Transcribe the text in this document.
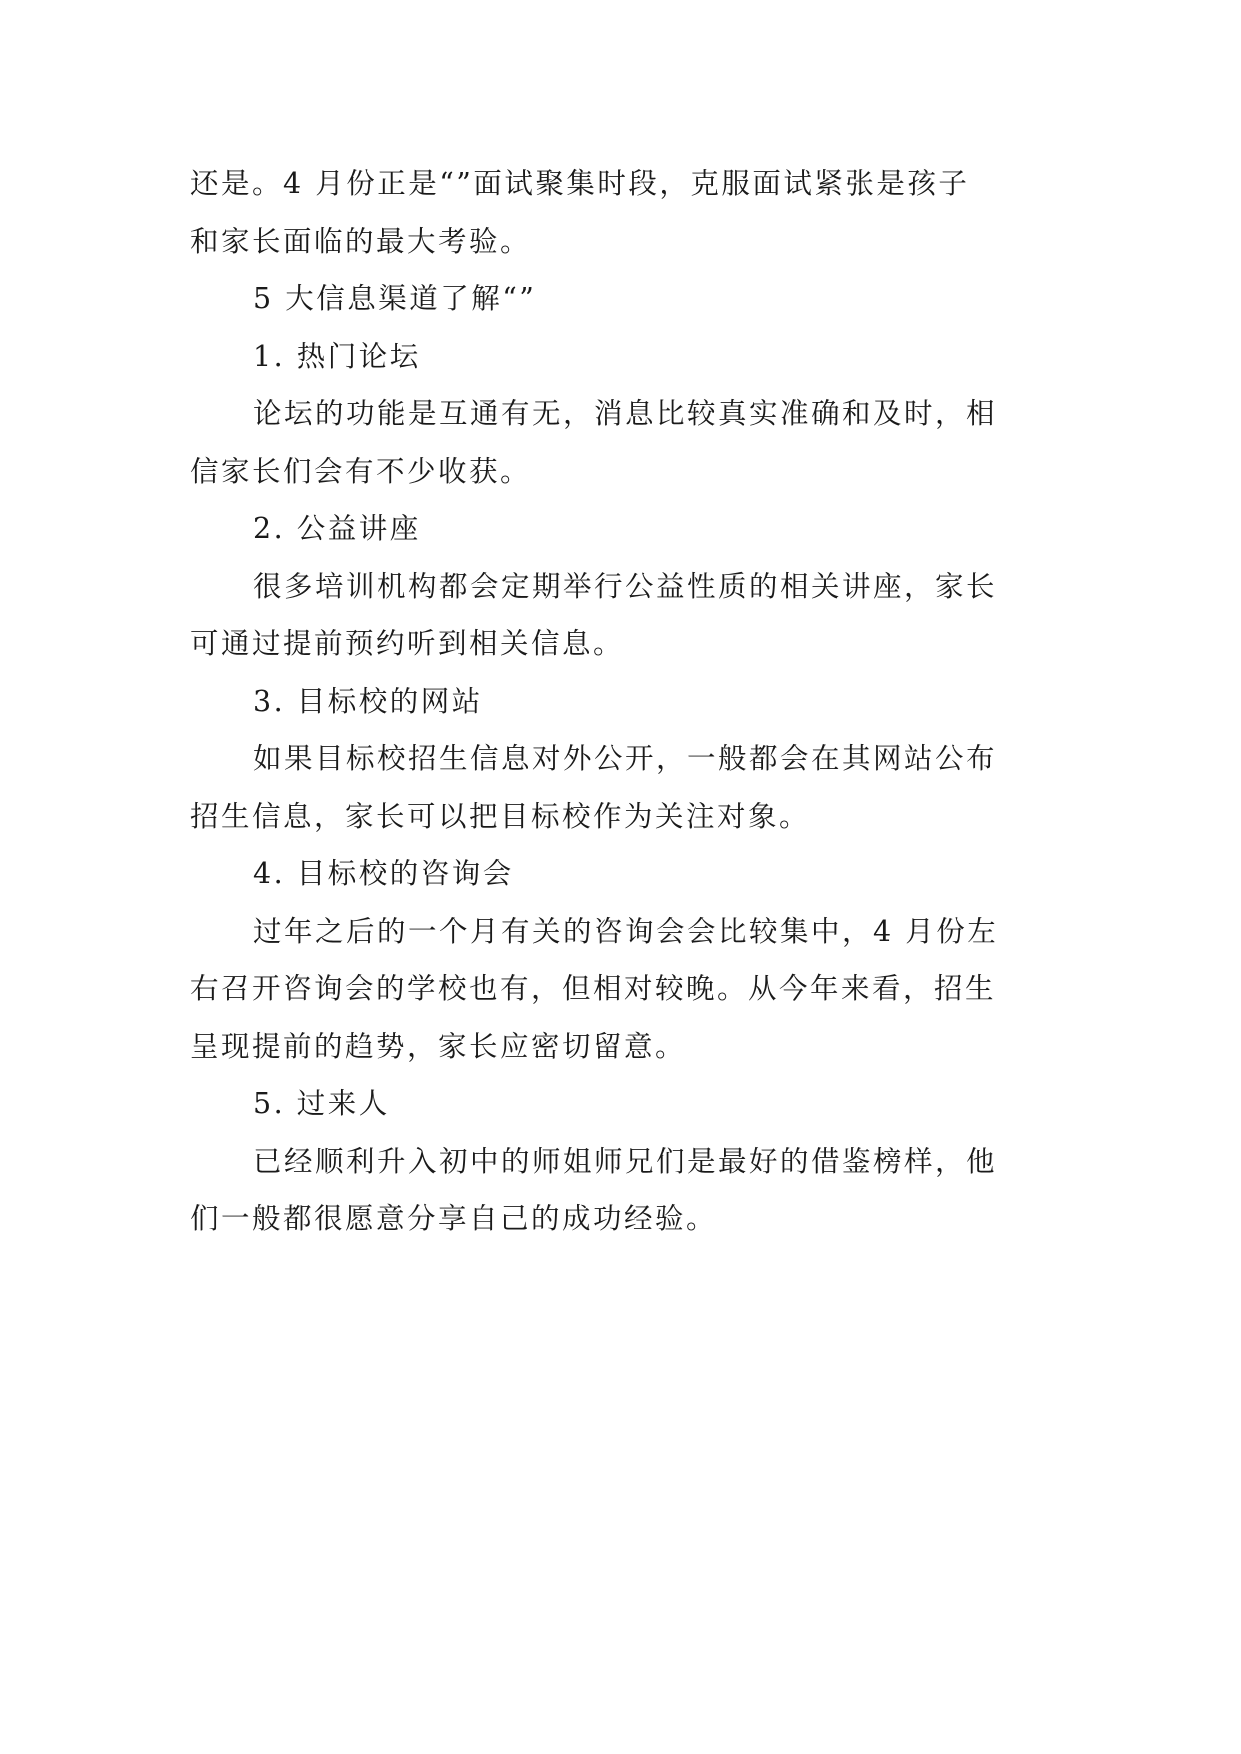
还是。4 月份正是“”面试聚集时段，克服面试紧张是孩子

和家长面临的最大考验。

5 大信息渠道了解“”

1. 热门论坛

论坛的功能是互通有无，消息比较真实准确和及时，相

信家长们会有不少收获。

2. 公益讲座

很多培训机构都会定期举行公益性质的相关讲座，家长

可通过提前预约听到相关信息。

3. 目标校的网站

如果目标校招生信息对外公开，一般都会在其网站公布

招生信息，家长可以把目标校作为关注对象。

4. 目标校的咨询会

过年之后的一个月有关的咨询会会比较集中，4 月份左

右召开咨询会的学校也有，但相对较晚。从今年来看，招生

呈现提前的趋势，家长应密切留意。

5. 过来人

已经顺利升入初中的师姐师兄们是最好的借鉴榜样，他

们一般都很愿意分享自己的成功经验。
